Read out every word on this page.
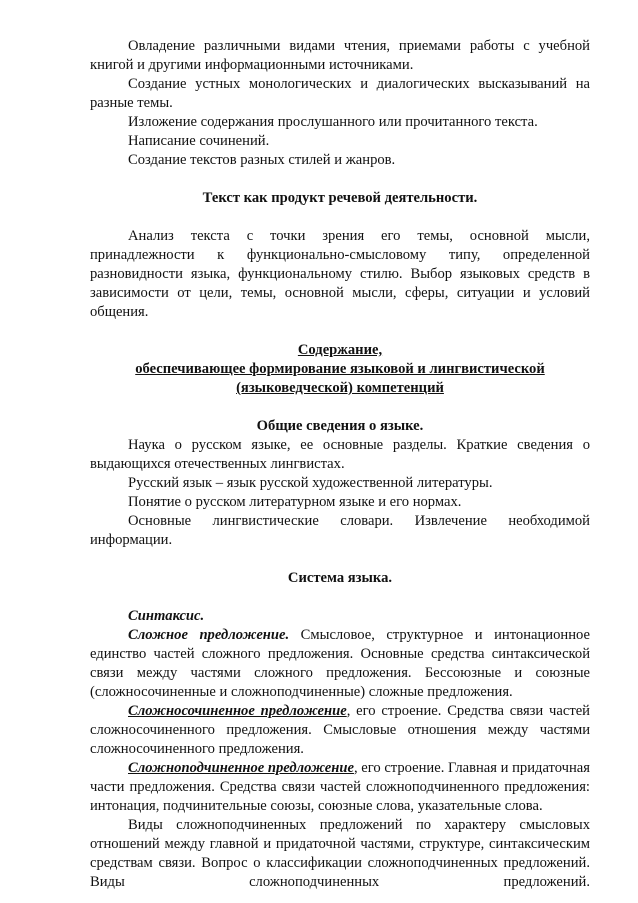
Овладение различными видами чтения, приемами работы с учебной книгой и другими информационными источниками.

Создание устных монологических и диалогических высказываний на разные темы.

Изложение содержания прослушанного или прочитанного текста.

Написание сочинений.

Создание текстов разных стилей и жанров.

Текст как продукт речевой деятельности.

Анализ текста с точки зрения его темы, основной мысли, принадлежности к функционально-смысловому типу, определенной разновидности языка, функциональному стилю. Выбор языковых средств в зависимости от цели, темы, основной мысли, сферы, ситуации и условий общения.

Содержание,

обеспечивающее формирование языковой и лингвистической

(языковедческой) компетенций

Общие сведения о языке.

Наука о русском языке, ее основные разделы. Краткие сведения о выдающихся отечественных лингвистах.

Русский язык – язык русской художественной литературы.

Понятие о русском литературном языке и его нормах.

Основные лингвистические словари. Извлечение необходимой информации.

Система языка.

Синтаксис.

Сложное предложение. Смысловое, структурное и интонационное единство частей сложного предложения. Основные средства синтаксической связи между частями сложного предложения. Бессоюзные и союзные (сложносочиненные и сложноподчиненные) сложные предложения.

Сложносочиненное предложение, его строение. Средства связи частей сложносочиненного предложения. Смысловые отношения между частями сложносочиненного предложения.

Сложноподчиненное предложение, его строение. Главная и придаточная части предложения. Средства связи частей сложноподчиненного предложения: интонация, подчинительные союзы, союзные слова, указательные слова.

Виды сложноподчиненных предложений по характеру смысловых отношений между главной и придаточной частями, структуре, синтаксическим средствам связи. Вопрос о классификации сложноподчиненных предложений. Виды сложноподчиненных предложений.
